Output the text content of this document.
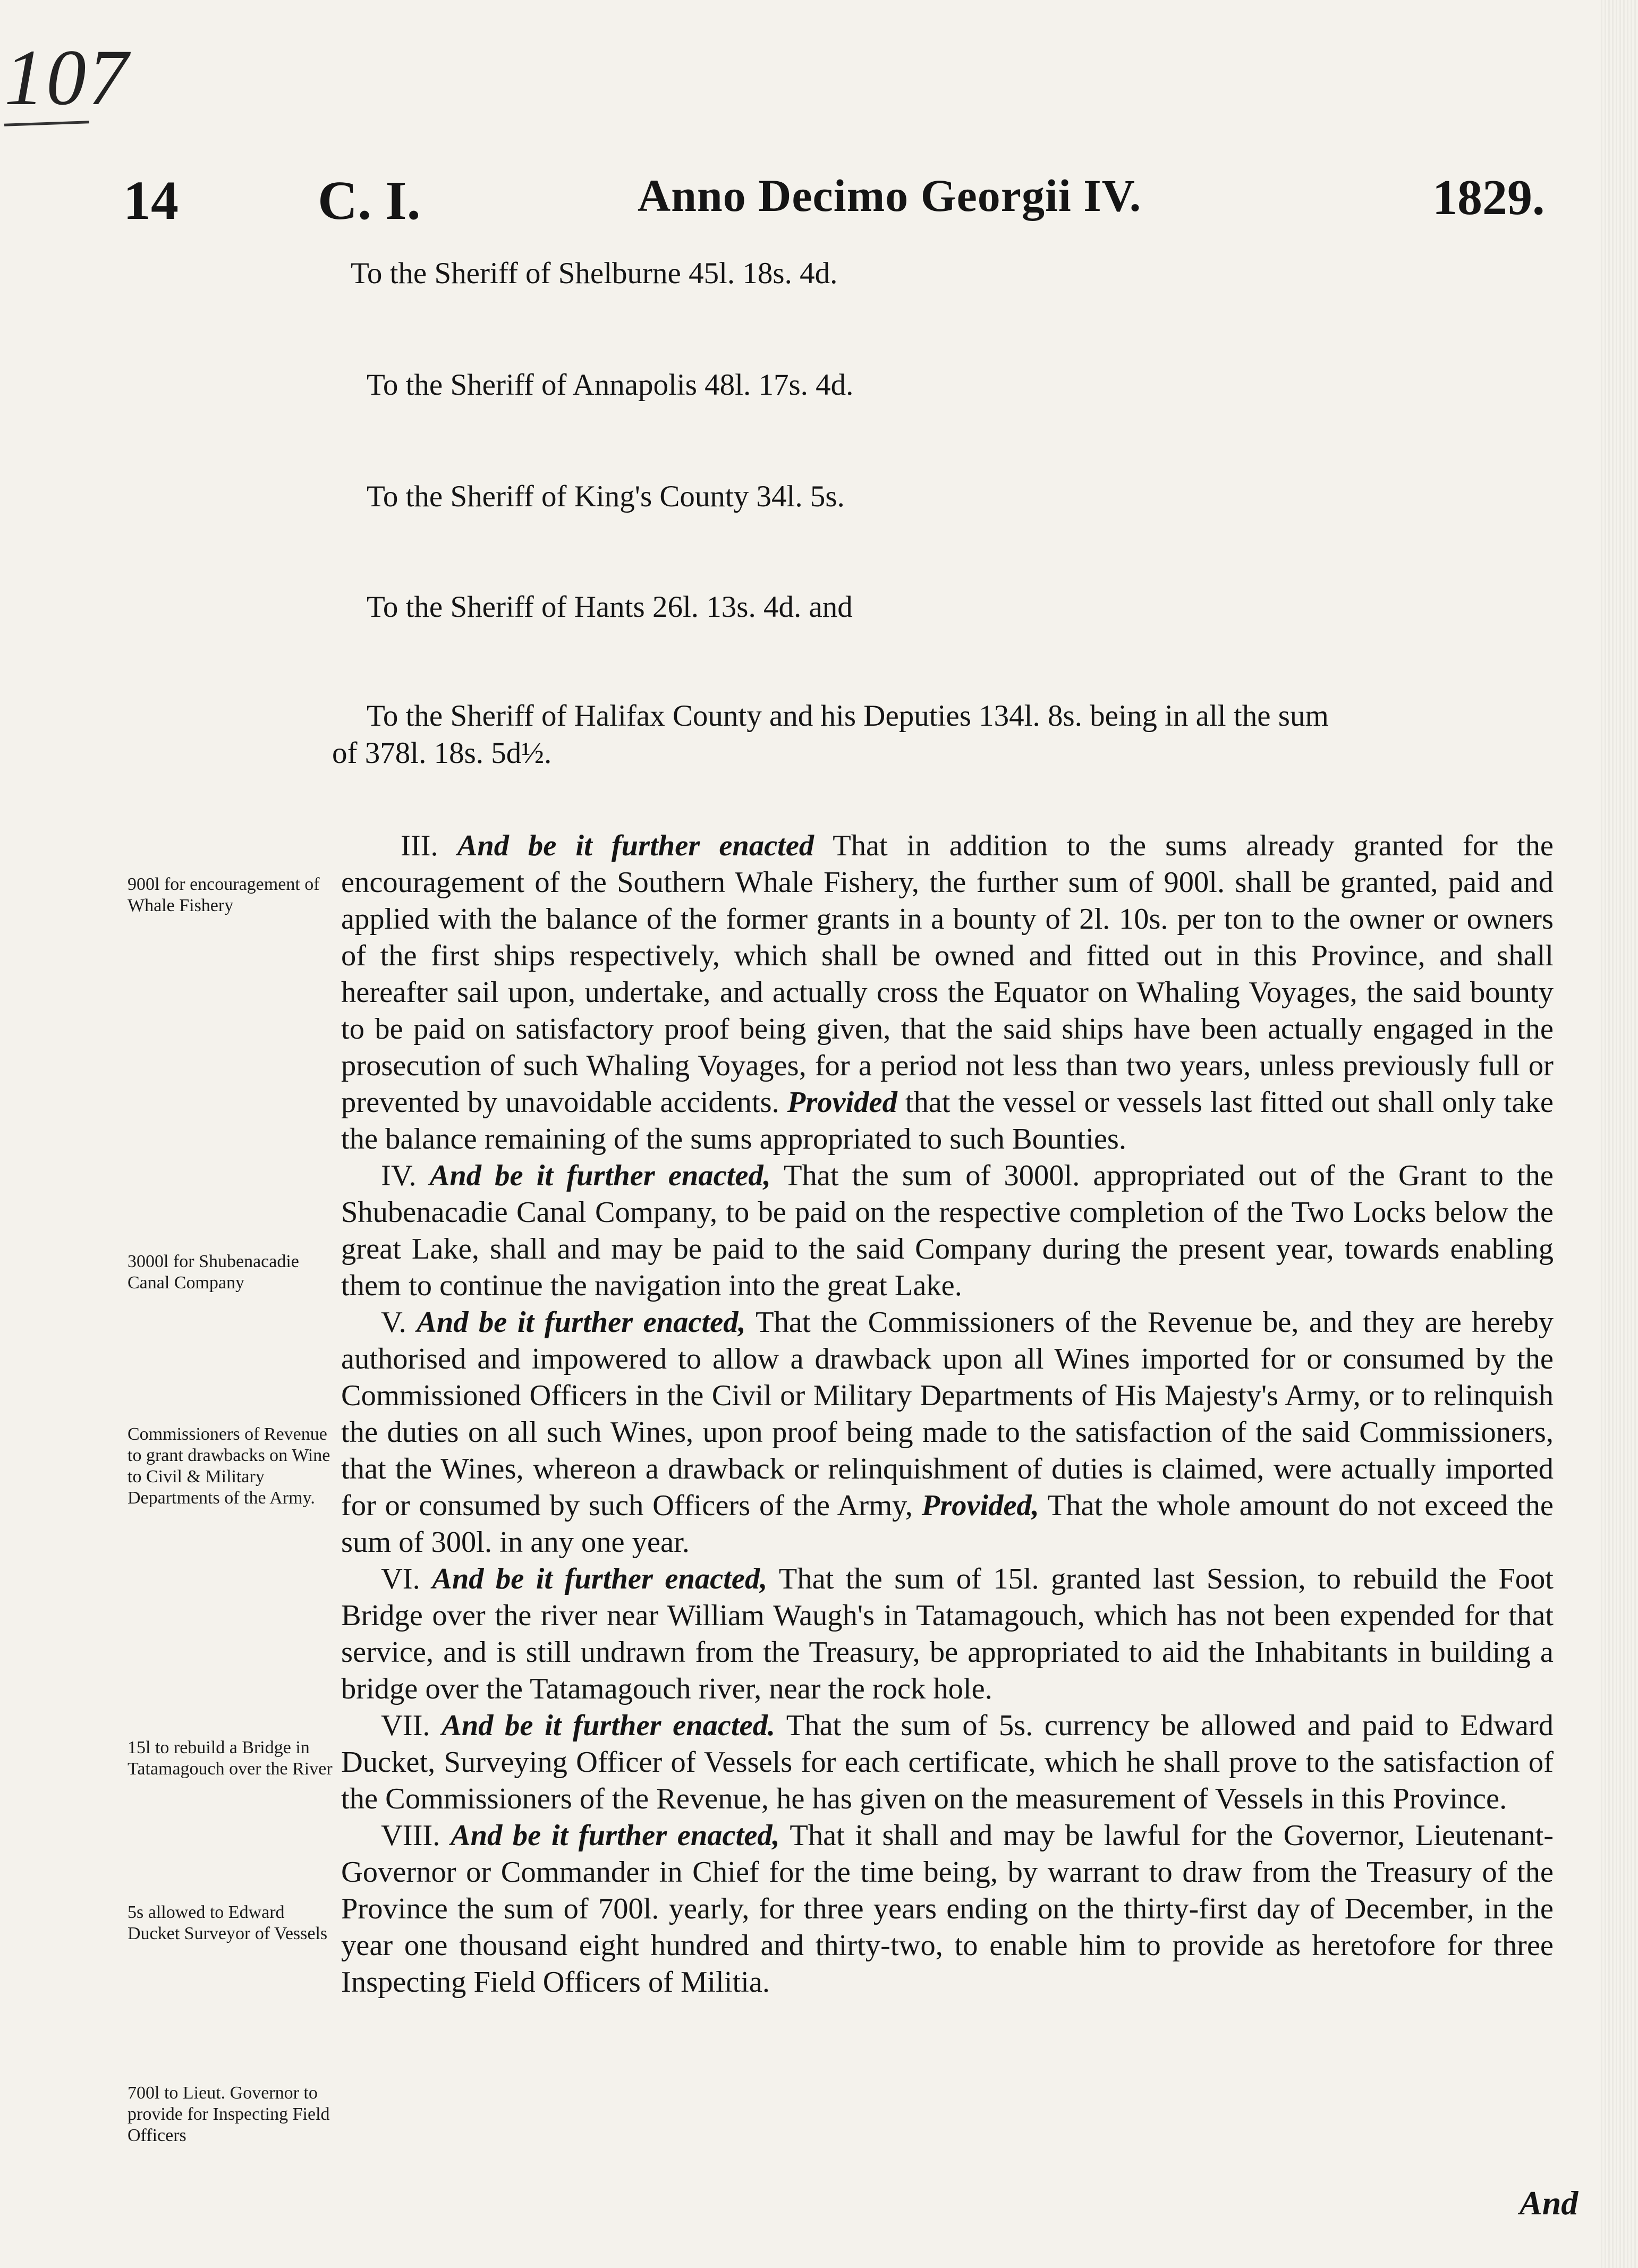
107
14	C. I.	Anno Decimo Georgii IV.	1829.
To the Sheriff of Shelburne 45l. 18s. 4d.
To the Sheriff of Annapolis 48l. 17s. 4d.
To the Sheriff of King's County 34l. 5s.
To the Sheriff of Hants 26l. 13s. 4d. and
To the Sheriff of Halifax County and his Deputies 134l. 8s. being in all the sum
of 378l. 18s. 5d½.
900l for encouragement of Whale Fishery
3000l for Shubenacadie Canal Company
Commissioners of Revenue to grant drawbacks on Wine to Civil & Military Departments of the Army.
15l to rebuild a Bridge in Tatamagouch over the River
5s allowed to Edward Ducket Surveyor of Vessels
700l to Lieut. Governor to provide for Inspecting Field Officers

III. And be it further enacted That in addition to the sums already granted for the encouragement of the Southern Whale Fishery, the further sum of 900l. shall be granted, paid and applied with the balance of the former grants in a bounty of 2l. 10s. per ton to the owner or owners of the first ships respectively, which shall be owned and fitted out in this Province, and shall hereafter sail upon, undertake, and actually cross the Equator on Whaling Voyages, the said bounty to be paid on satisfactory proof being given, that the said ships have been actually engaged in the prosecution of such Whaling Voyages, for a period not less than two years, unless previously full or prevented by unavoidable accidents. Provided that the vessel or vessels last fitted out shall only take the balance remaining of the sums appropriated to such Bounties.

IV. And be it further enacted, That the sum of 3000l. appropriated out of the Grant to the Shubenacadie Canal Company, to be paid on the respective completion of the Two Locks below the great Lake, shall and may be paid to the said Company during the present year, towards enabling them to continue the navigation into the great Lake.

V. And be it further enacted, That the Commissioners of the Revenue be, and they are hereby authorised and impowered to allow a drawback upon all Wines imported for or consumed by the Commissioned Officers in the Civil or Military Departments of His Majesty's Army, or to relinquish the duties on all such Wines, upon proof being made to the satisfaction of the said Commissioners, that the Wines, whereon a drawback or relinquishment of duties is claimed, were actually imported for or consumed by such Officers of the Army, Provided, That the whole amount do not exceed the sum of 300l. in any one year.

VI. And be it further enacted, That the sum of 15l. granted last Session, to rebuild the Foot Bridge over the river near William Waugh's in Tatamagouch, which has not been expended for that service, and is still undrawn from the Treasury, be appropriated to aid the Inhabitants in building a bridge over the Tatamagouch river, near the rock hole.

VII. And be it further enacted. That the sum of 5s. currency be allowed and paid to Edward Ducket, Surveying Officer of Vessels for each certificate, which he shall prove to the satisfaction of the Commissioners of the Revenue, he has given on the measurement of Vessels in this Province.

VIII. And be it further enacted, That it shall and may be lawful for the Governor, Lieutenant-Governor or Commander in Chief for the time being, by warrant to draw from the Treasury of the Province the sum of 700l. yearly, for three years ending on the thirty-first day of December, in the year one thousand eight hundred and thirty-two, to enable him to provide as heretofore for three Inspecting Field Officers of Militia.

And
